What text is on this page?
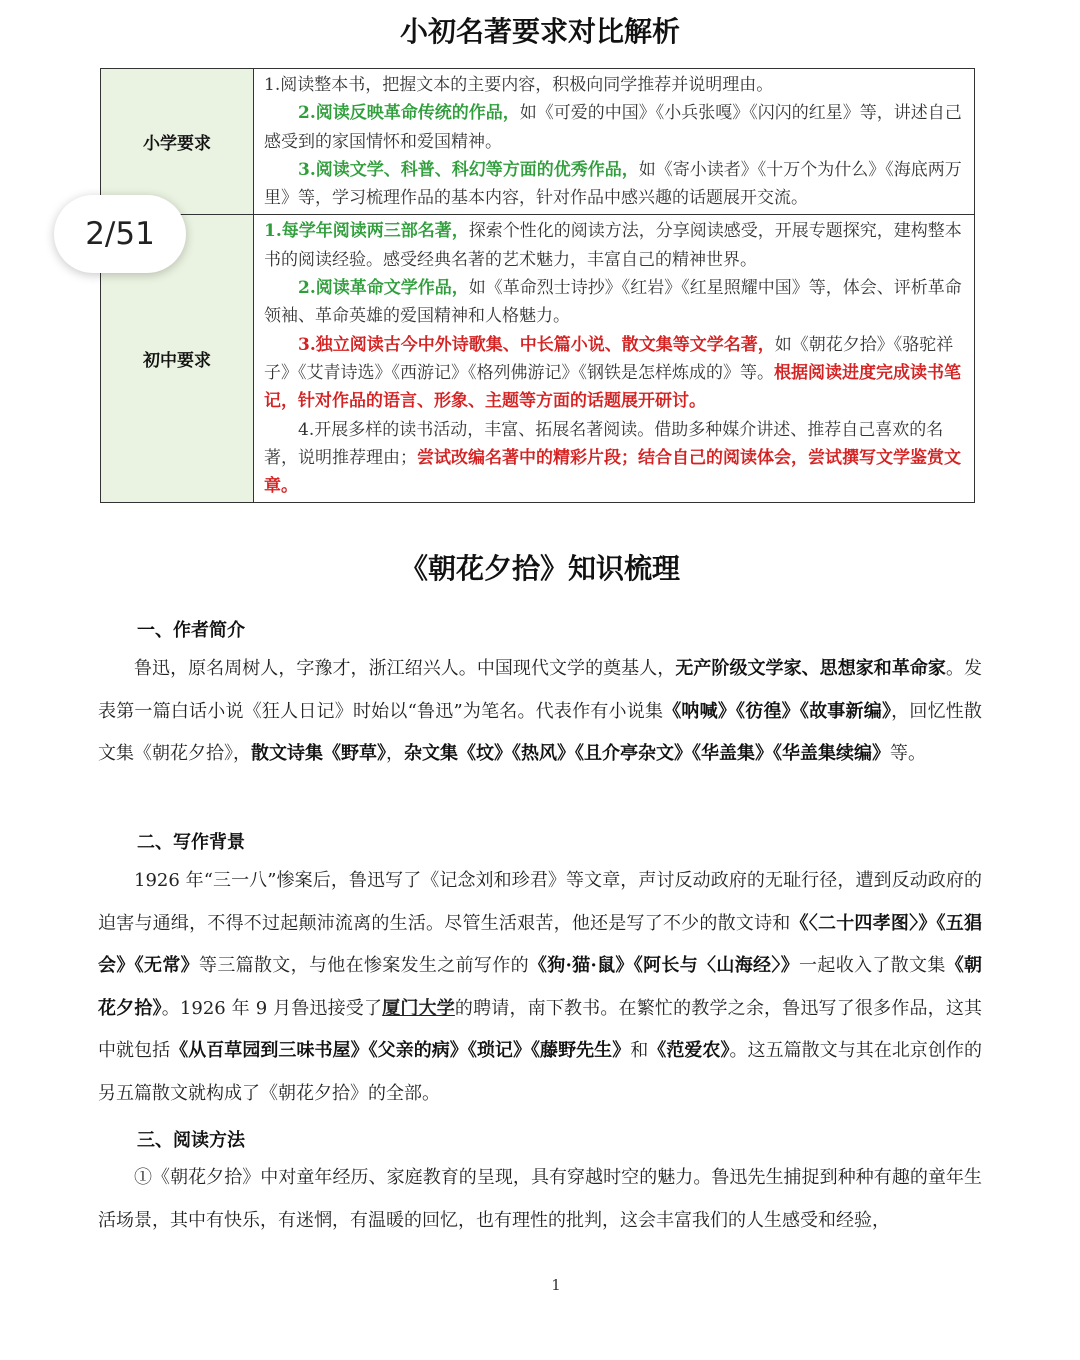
小初名著要求对比解析
小学要求	1.阅读整本书，把握文本的主要内容，积极向同学推荐并说明理由。

2.阅读反映革命传统的作品，如《可爱的中国》《小兵张嘎》《闪闪的红星》等，讲述自己感受到的家国情怀和爱国精神。

3.阅读文学、科普、科幻等方面的优秀作品，如《寄小读者》《十万个为什么》《海底两万里》等，学习梳理作品的基本内容，针对作品中感兴趣的话题展开交流。

初中要求	1.每学年阅读两三部名著，探索个性化的阅读方法，分享阅读感受，开展专题探究，建构整本书的阅读经验。感受经典名著的艺术魅力，丰富自己的精神世界。

2.阅读革命文学作品，如《革命烈士诗抄》《红岩》《红星照耀中国》等，体会、评析革命领袖、革命英雄的爱国精神和人格魅力。

3.独立阅读古今中外诗歌集、中长篇小说、散文集等文学名著，如《朝花夕拾》《骆驼祥子》《艾青诗选》《西游记》《格列佛游记》《钢铁是怎样炼成的》等。根据阅读进度完成读书笔记，针对作品的语言、形象、主题等方面的话题展开研讨。

4.开展多样的读书活动，丰富、拓展名著阅读。借助多种媒介讲述、推荐自己喜欢的名著，说明推荐理由；尝试改编名著中的精彩片段；结合自己的阅读体会，尝试撰写文学鉴赏文章。

2/51
《朝花夕拾》知识梳理
一、作者简介

鲁迅，原名周树人，字豫才，浙江绍兴人。中国现代文学的奠基人，无产阶级文学家、思想家和革命家。发表第一篇白话小说《狂人日记》时始以“鲁迅”为笔名。代表作有小说集《呐喊》《彷徨》《故事新编》，回忆性散文集《朝花夕拾》，散文诗集《野草》，杂文集《坟》《热风》《且介亭杂文》《华盖集》《华盖集续编》等。

二、写作背景

1926 年“三一八”惨案后，鲁迅写了《记念刘和珍君》等文章，声讨反动政府的无耻行径，遭到反动政府的迫害与通缉，不得不过起颠沛流离的生活。尽管生活艰苦，他还是写了不少的散文诗和《〈二十四孝图〉》《五猖会》《无常》等三篇散文，与他在惨案发生之前写作的《狗·猫·鼠》《阿长与〈山海经〉》一起收入了散文集《朝花夕拾》。1926 年 9 月鲁迅接受了厦门大学的聘请，南下教书。在繁忙的教学之余，鲁迅写了很多作品，这其中就包括《从百草园到三味书屋》《父亲的病》《琐记》《藤野先生》和《范爱农》。这五篇散文与其在北京创作的另五篇散文就构成了《朝花夕拾》的全部。

三、阅读方法

①《朝花夕拾》中对童年经历、家庭教育的呈现，具有穿越时空的魅力。鲁迅先生捕捉到种种有趣的童年生活场景，其中有快乐，有迷惘，有温暖的回忆，也有理性的批判，这会丰富我们的人生感受和经验，

1
